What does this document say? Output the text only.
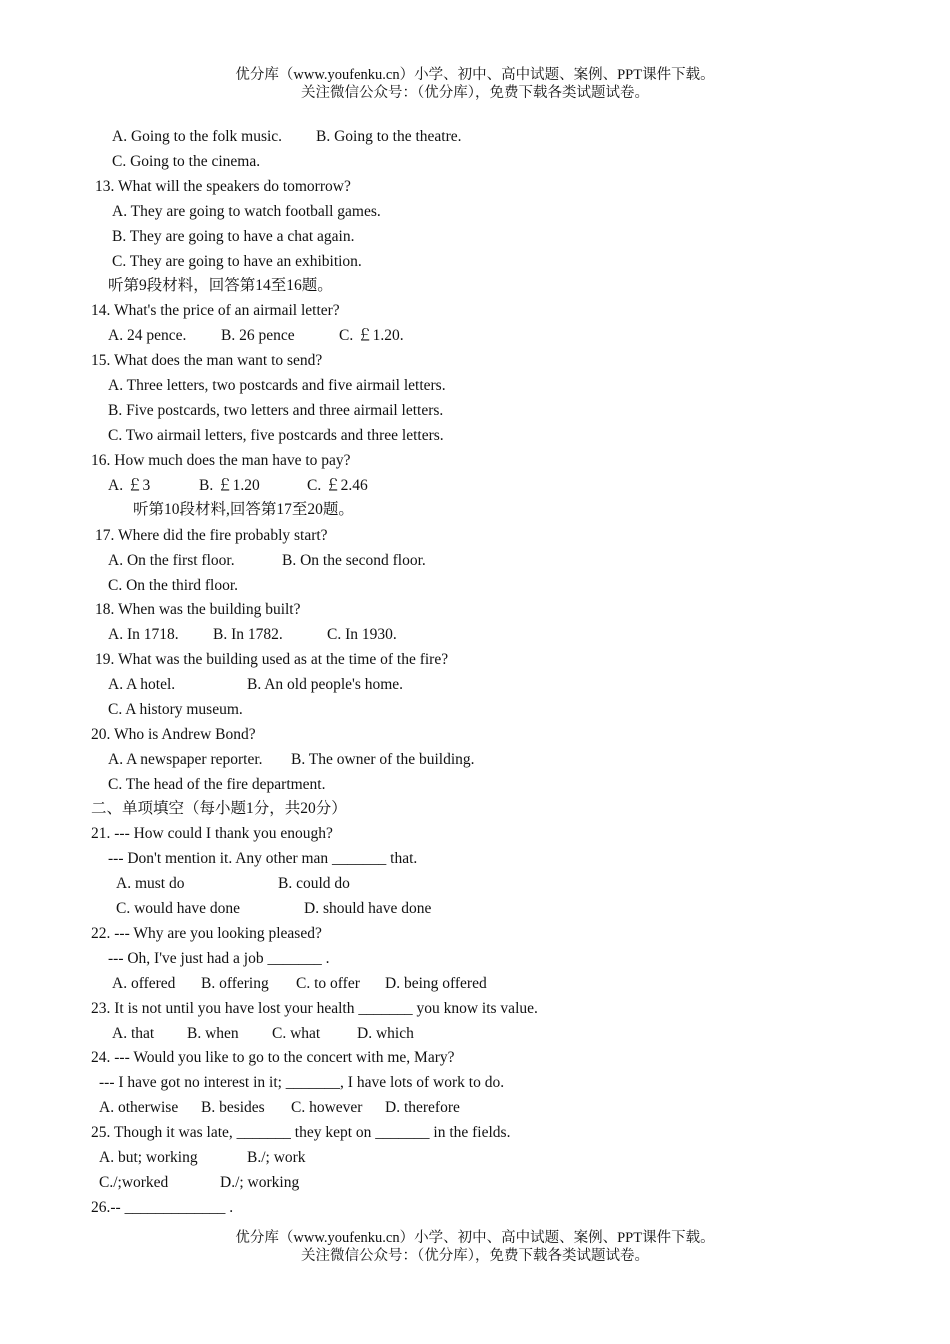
优分库（www.youfenku.cn）小学、初中、高中试题、案例、PPT课件下载。
关注微信公众号：（优分库），免费下载各类试题试卷。

A. Going to the folk music.

B. Going to the theatre.

C. Going to the cinema.
13. What will the speakers do tomorrow?
A. They are going to watch football games.
B. They are going to have a chat again.
C. They are going to have an exhibition.
听第9段材料，回答第14至16题。
14. What's the price of an airmail letter?

A. 24 pence.

B. 26 pence

	C. ￡1.20.

15. What does the man want to send?
A. Three letters, two postcards and five airmail letters.
B. Five postcards, two letters and three airmail letters.
C. Two airmail letters, five postcards and three letters.
16. How much does the man have to pay?

A. ￡3

	B. ￡1.20

	C. ￡2.46

听第10段材料,回答第17至20题。
17. Where did the fire probably start?

A. On the first floor.

	B. On the second floor.

C. On the third floor.
18. When was the building built?

A. In 1718.

B. In 1782.

	C. In 1930.

19. What was the building used as at the time of the fire?

A. A hotel.

	B. An old people's home.

C. A history museum.
20. Who is Andrew Bond?

A. A newspaper reporter.

B. The owner of the building.

C. The head of the fire department.
二、单项填空（每小题1分，共20分）
21. --- How could I thank you enough?
--- Don't mention it. Any other man _______ that.

A. must do

	B. could do

C. would have done

	D. should have done

22. --- Why are you looking pleased?
--- Oh, I've just had a job _______ .

A. offered

B. offering

C. to offer

D. being offered

23. It is not until you have lost your health _______ you know its value.

A. that

B. when

C. what

D. which

24. --- Would you like to go to the concert with me, Mary?
--- I have got no interest in it; _______, I have lots of work to do.

A. otherwise

B. besides

C. however

D. therefore

25. Though it was late, _______ they kept on _______ in the fields.

A. but; working

	B./; work

C./;worked

	D./; working

26.-- _____________ .
优分库（www.youfenku.cn）小学、初中、高中试题、案例、PPT课件下载。
关注微信公众号：（优分库），免费下载各类试题试卷。
